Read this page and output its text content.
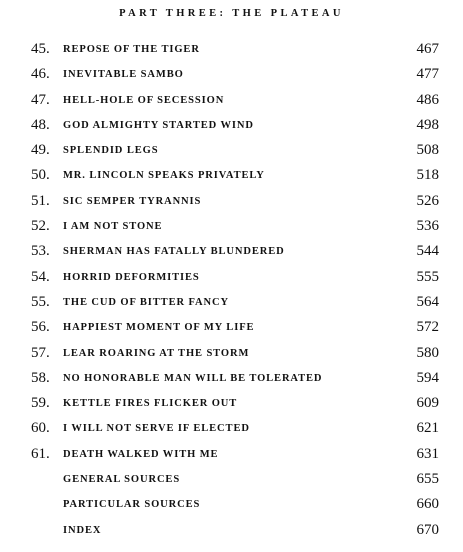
PART THREE: THE PLATEAU
45.	REPOSE OF THE TIGER	467
46.	INEVITABLE SAMBO	477
47.	HELL-HOLE OF SECESSION	486
48.	GOD ALMIGHTY STARTED WIND	498
49.	SPLENDID LEGS	508
50.	MR. LINCOLN SPEAKS PRIVATELY	518
51.	SIC SEMPER TYRANNIS	526
52.	I AM NOT STONE	536
53.	SHERMAN HAS FATALLY BLUNDERED	544
54.	HORRID DEFORMITIES	555
55.	THE CUD OF BITTER FANCY	564
56.	HAPPIEST MOMENT OF MY LIFE	572
57.	LEAR ROARING AT THE STORM	580
58.	NO HONORABLE MAN WILL BE TOLERATED	594
59.	KETTLE FIRES FLICKER OUT	609
60.	I WILL NOT SERVE IF ELECTED	621
61.	DEATH WALKED WITH ME	631
GENERAL SOURCES	655
PARTICULAR SOURCES	660
INDEX	670
